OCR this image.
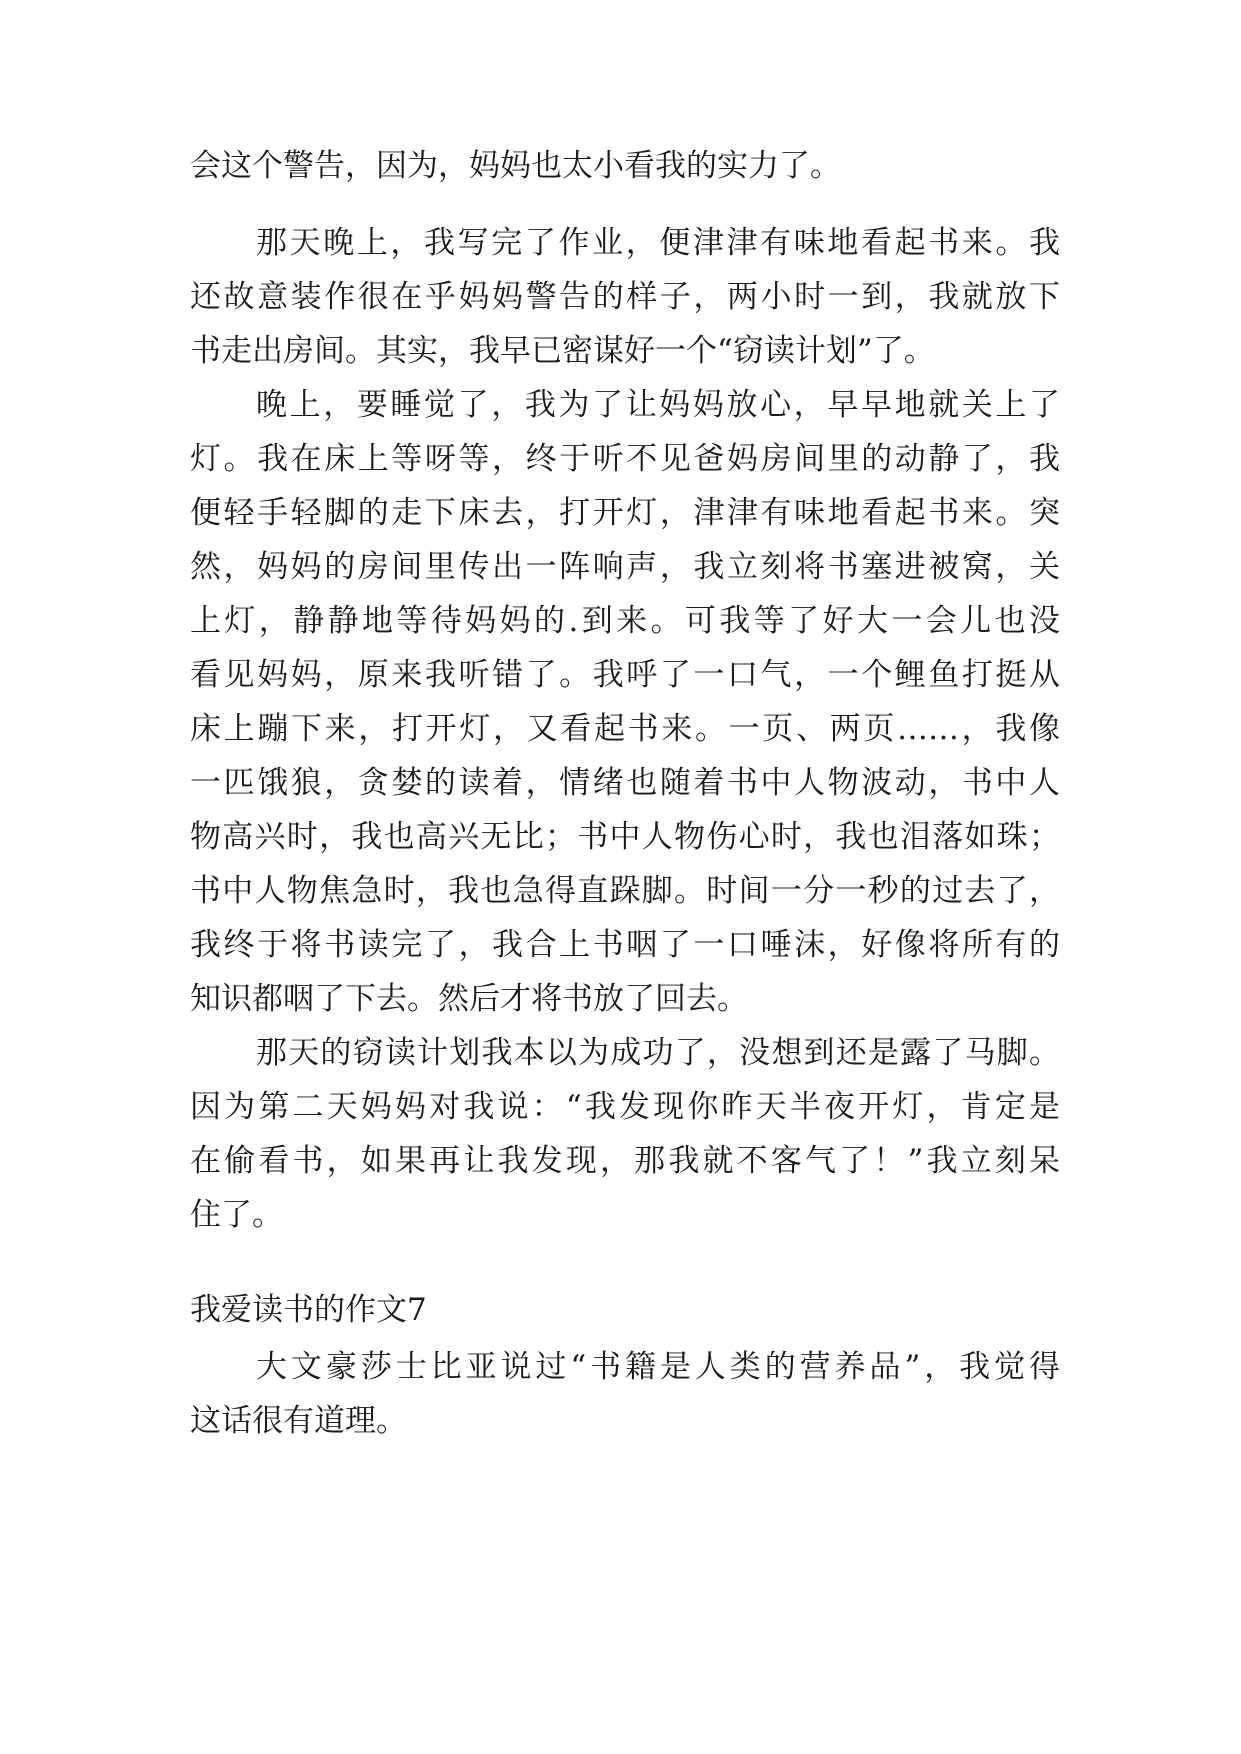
会这个警告，因为，妈妈也太小看我的实力了。
那天晚上，我写完了作业，便津津有味地看起书来。我
还故意装作很在乎妈妈警告的样子，两小时一到，我就放下
书走出房间。其实，我早已密谋好一个“窃读计划”了。
晚上，要睡觉了，我为了让妈妈放心，早早地就关上了
灯。我在床上等呀等，终于听不见爸妈房间里的动静了，我
便轻手轻脚的走下床去，打开灯，津津有味地看起书来。突
然，妈妈的房间里传出一阵响声，我立刻将书塞进被窝，关
上灯，静静地等待妈妈的.到来。可我等了好大一会儿也没
看见妈妈，原来我听错了。我呼了一口气，一个鲤鱼打挺从
床上蹦下来，打开灯，又看起书来。一页、两页……，我像
一匹饿狼，贪婪的读着，情绪也随着书中人物波动，书中人
物高兴时，我也高兴无比；书中人物伤心时，我也泪落如珠；
书中人物焦急时，我也急得直跺脚。时间一分一秒的过去了，
我终于将书读完了，我合上书咽了一口唾沫，好像将所有的
知识都咽了下去。然后才将书放了回去。
那天的窃读计划我本以为成功了，没想到还是露了马脚。
因为第二天妈妈对我说：“我发现你昨天半夜开灯，肯定是
在偷看书，如果再让我发现，那我就不客气了！”我立刻呆
住了。
我爱读书的作文7
大文豪莎士比亚说过“书籍是人类的营养品”，我觉得
这话很有道理。
